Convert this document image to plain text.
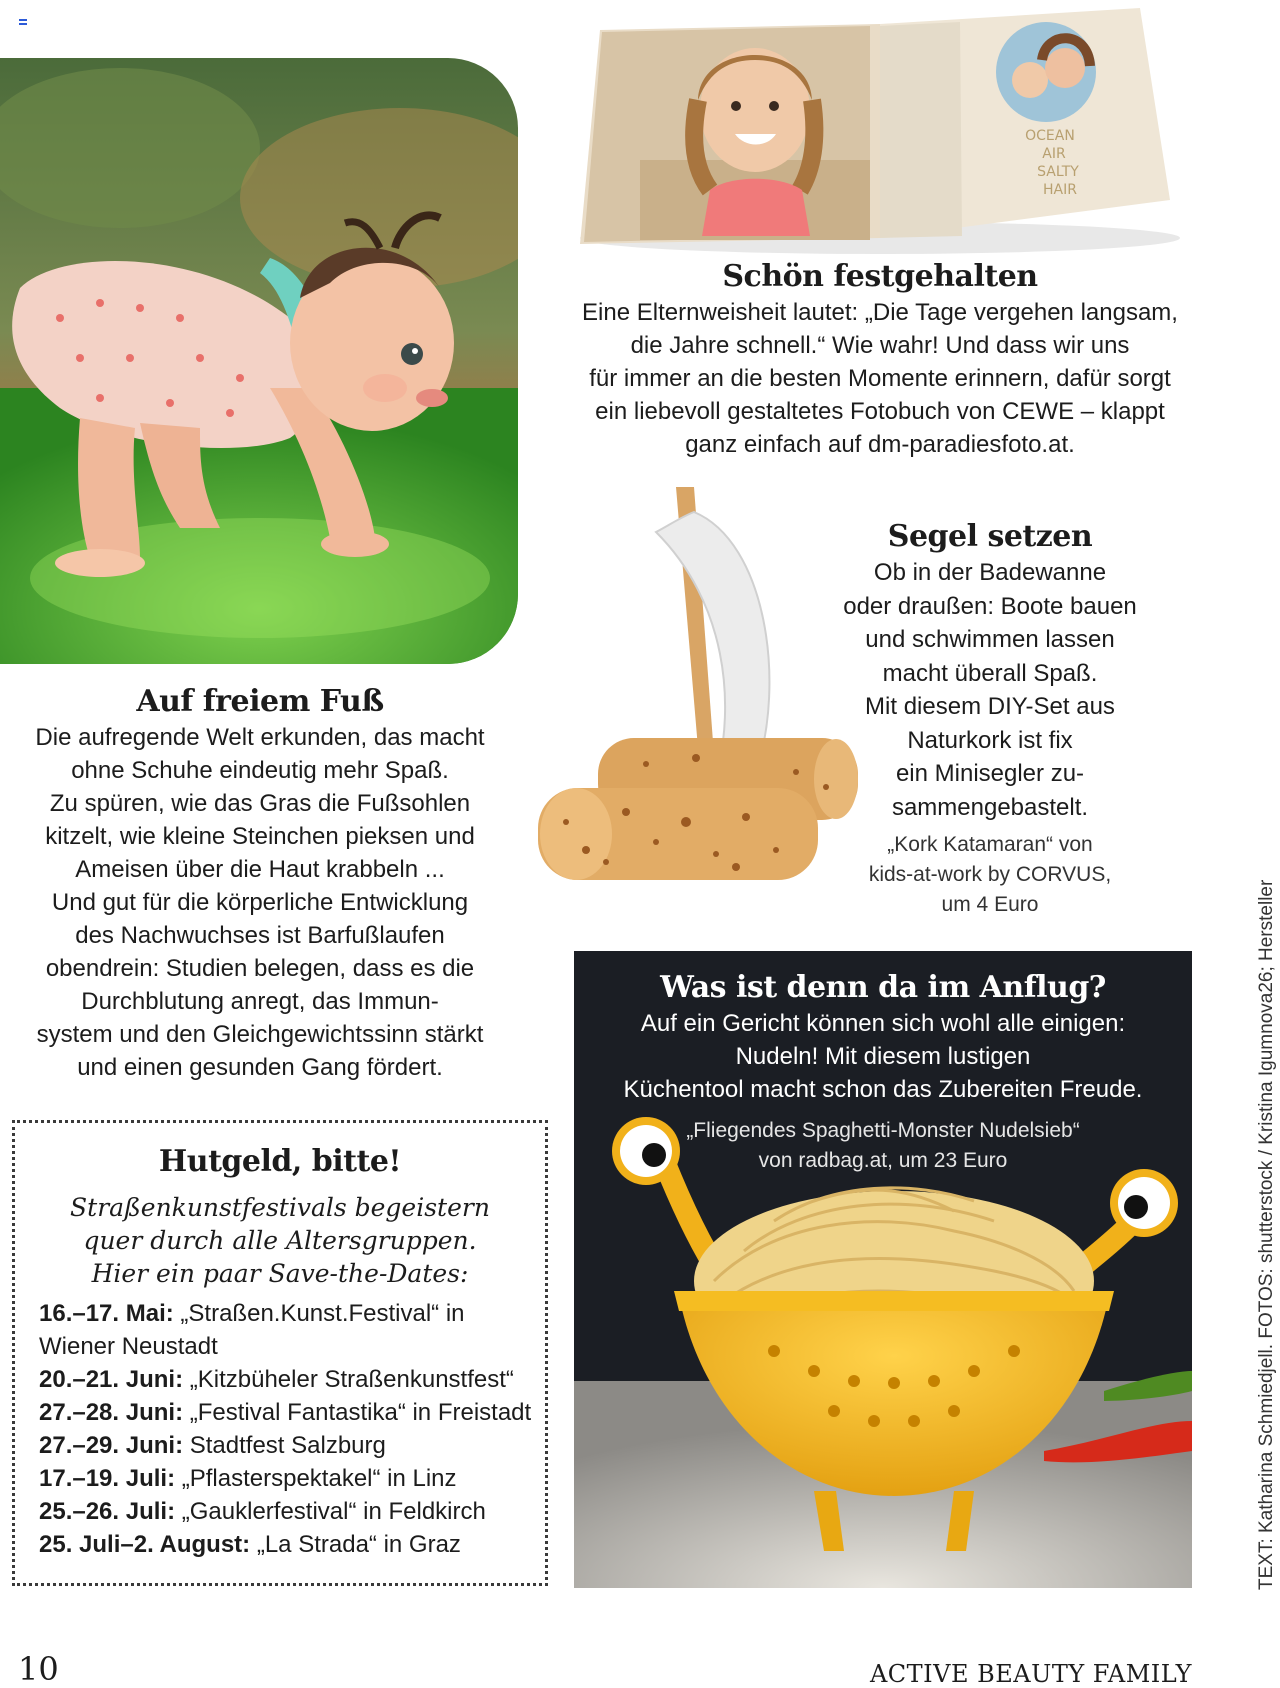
OCEAN
AIR
SALTY
HAIR
Schön festgehalten

Eine Elternweisheit lautet: „Die Tage vergehen langsam,

die Jahre schnell.“ Wie wahr! Und dass wir uns

für immer an die besten Momente erinnern, dafür sorgt

ein liebevoll gestaltetes Fotobuch von CEWE – klappt

ganz einfach auf dm-paradiesfoto.at.

Auf freiem Fuß

Die aufregende Welt erkunden, das macht

ohne Schuhe eindeutig mehr Spaß.

Zu spüren, wie das Gras die Fußsohlen

kitzelt, wie kleine Steinchen pieksen und

Ameisen über die Haut krabbeln ...

Und gut für die körperliche Entwicklung

des Nachwuchses ist Barfußlaufen

obendrein: Studien belegen, dass es die

Durchblutung anregt, das Immun-

system und den Gleichgewichtssinn stärkt

und einen gesunden Gang fördert.

Segel setzen

Ob in der Badewanne

oder draußen: Boote bauen

und schwimmen lassen

macht überall Spaß.

Mit diesem DIY-Set aus

Naturkork ist fix

ein Minisegler zu-

sammengebastelt.

„Kork Katamaran“ von
kids-at-work by CORVUS,
um 4 Euro

Hutgeld, bitte!

Straßenkunstfestivals begeistern

quer durch alle Altersgruppen.

Hier ein paar Save-the-Dates:

16.–17. Mai: „Straßen.Kunst.Festival“ in

Wiener Neustadt

20.–21. Juni: „Kitzbüheler Straßenkunstfest“

27.–28. Juni: „Festival Fantastika“ in Freistadt

27.–29. Juni: Stadtfest Salzburg

17.–19. Juli: „Pflasterspektakel“ in Linz

25.–26. Juli: „Gauklerfestival“ in Feldkirch

25. Juli–2. August: „La Strada“ in Graz

Was ist denn da im Anflug?

Auf ein Gericht können sich wohl alle einigen:

Nudeln! Mit diesem lustigen

Küchentool macht schon das Zubereiten Freude.

„Fliegendes Spaghetti-Monster Nudelsieb“
von radbag.at, um 23 Euro	TEXT: Katharina Schmiedjell. FOTOS: shutterstock / Kristina Igumnova26; Hersteller
10	ACTIVE BEAUTY FAMILY
